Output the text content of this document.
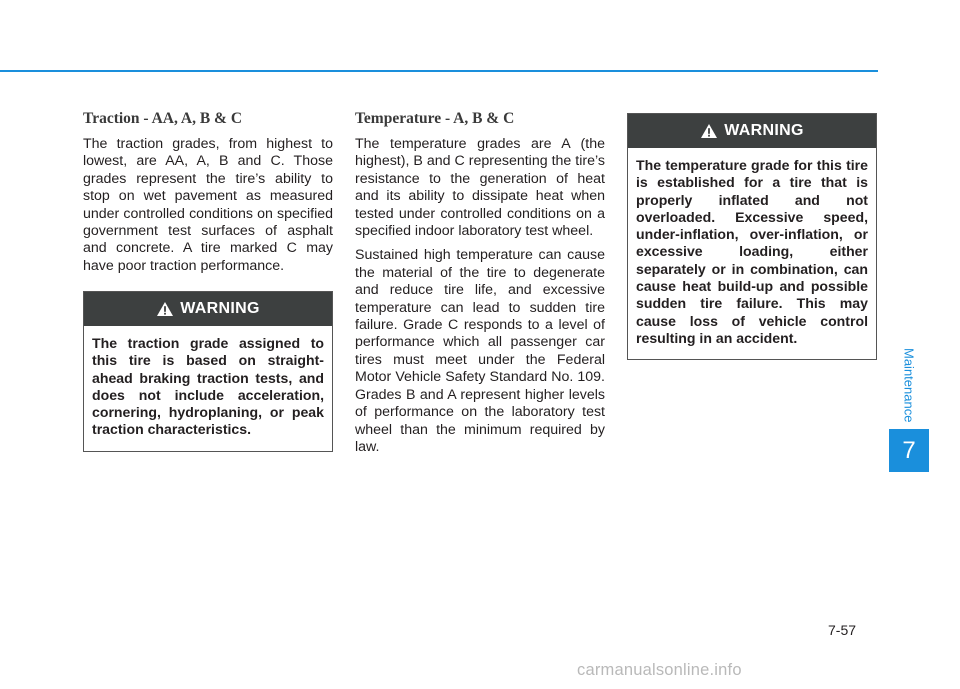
Traction - AA, A, B & C

The traction grades, from highest to lowest, are AA, A, B and C. Those grades represent the tire’s ability to stop on wet pavement as measured under controlled conditions on specified government test surfaces of asphalt and concrete. A tire marked C may have poor traction performance.

WARNING
The traction grade assigned to this tire is based on straight-ahead braking traction tests, and does not include acceleration, cornering, hydroplaning, or peak traction characteristics.
Temperature - A, B & C

The temperature grades are A (the highest), B and C representing the tire’s resistance to the generation of heat and its ability to dissipate heat when tested under controlled conditions on a specified indoor laboratory test wheel.

Sustained high temperature can cause the material of the tire to degenerate and reduce tire life, and excessive temperature can lead to sudden tire failure. Grade C responds to a level of performance which all passenger car tires must meet under the Federal Motor Vehicle Safety Standard No. 109. Grades B and A represent higher levels of performance on the laboratory test wheel than the minimum required by law.

WARNING
The temperature grade for this tire is established for a tire that is properly inflated and not overloaded. Excessive speed, under-inflation, over-inflation, or excessive loading, either separately or in combination, can cause heat build-up and possible sudden tire failure. This may cause loss of vehicle control resulting in an accident.
Maintenance
7
7-57
carmanualsonline.info
